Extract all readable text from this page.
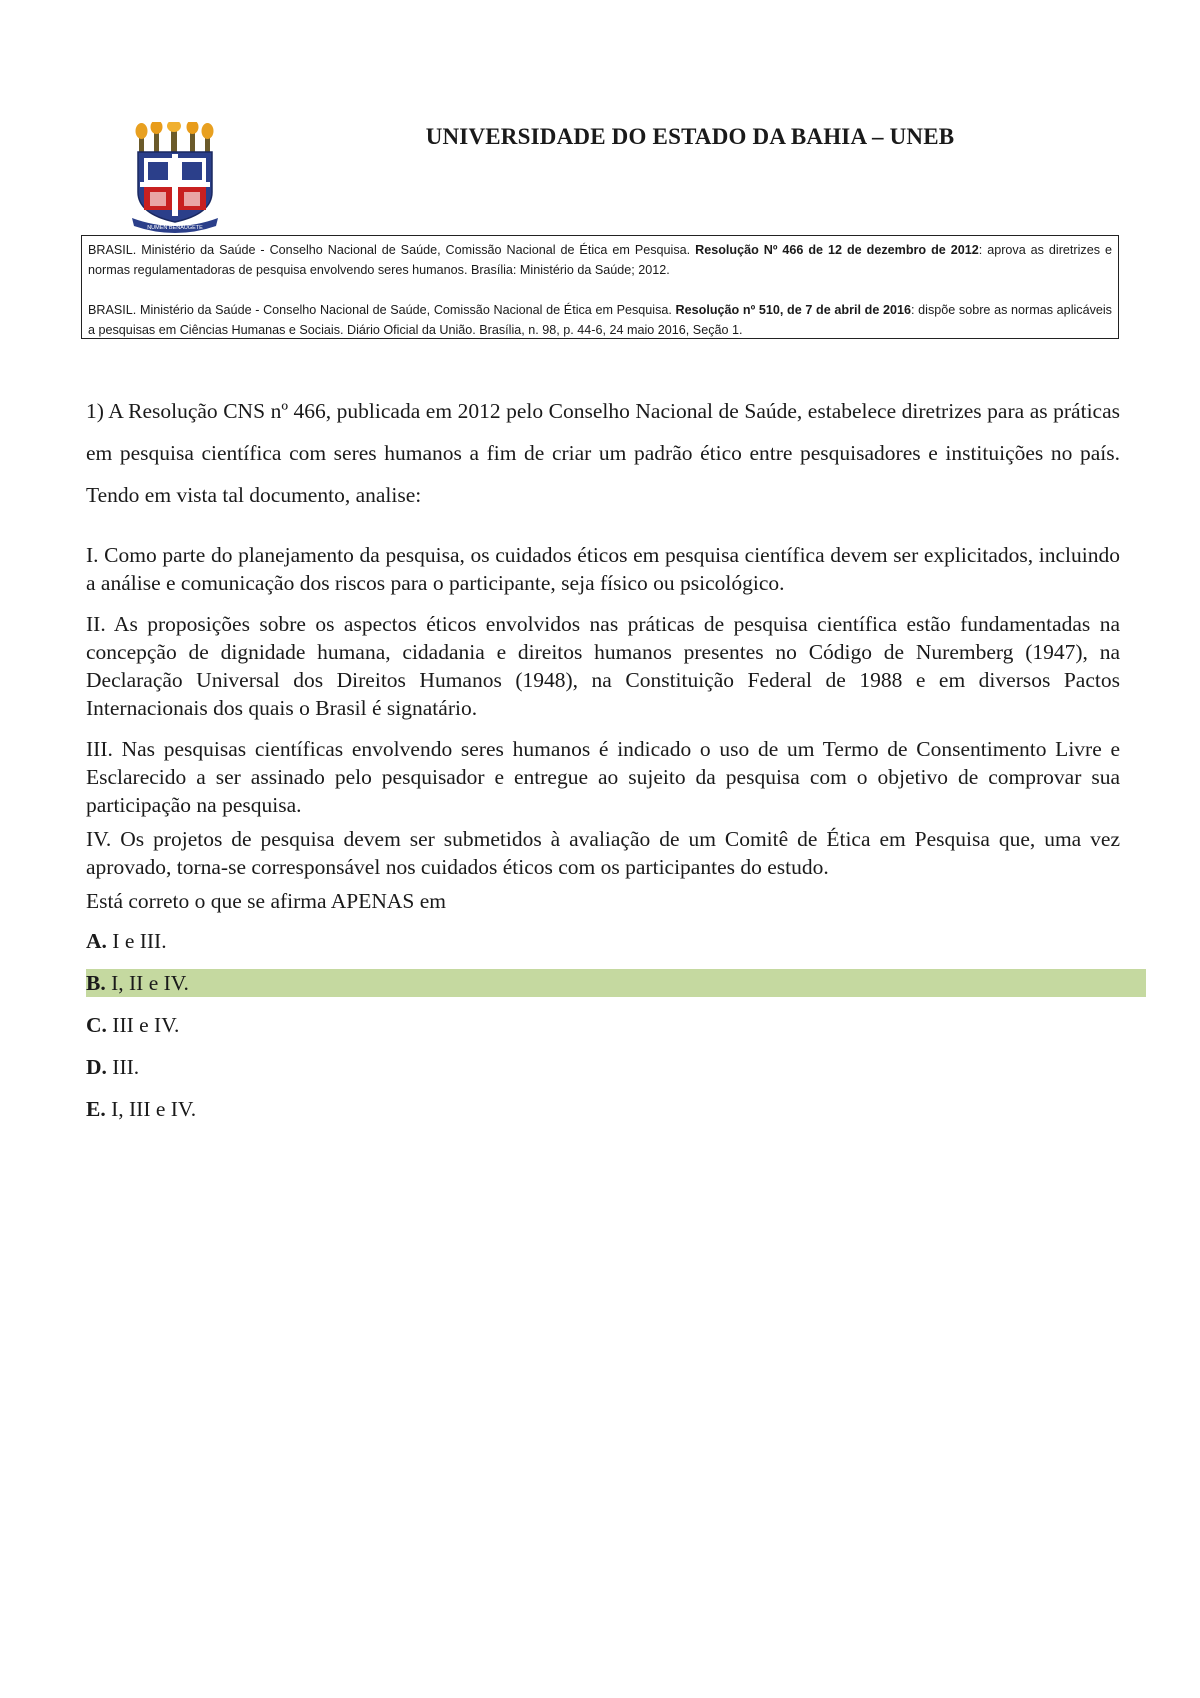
NUMEN BENAUGETE
UNIVERSIDADE DO ESTADO DA BAHIA – UNEB

BRASIL. Ministério da Saúde - Conselho Nacional de Saúde, Comissão Nacional de Ética em Pesquisa. Resolução Nº 466 de 12 de dezembro de 2012: aprova as diretrizes e normas regulamentadoras de pesquisa envolvendo seres humanos. Brasília: Ministério da Saúde; 2012.

BRASIL. Ministério da Saúde - Conselho Nacional de Saúde, Comissão Nacional de Ética em Pesquisa. Resolução nº 510, de 7 de abril de 2016: dispõe sobre as normas aplicáveis a pesquisas em Ciências Humanas e Sociais. Diário Oficial da União. Brasília, n. 98, p. 44-6, 24 maio 2016, Seção 1.

1) A Resolução CNS nº 466, publicada em 2012 pelo Conselho Nacional de Saúde, estabelece diretrizes para as práticas em pesquisa científica com seres humanos a fim de criar um padrão ético entre pesquisadores e instituições no país. Tendo em vista tal documento, analise:

I. Como parte do planejamento da pesquisa, os cuidados éticos em pesquisa científica devem ser explicitados, incluindo a análise e comunicação dos riscos para o participante, seja físico ou psicológico.

II. As proposições sobre os aspectos éticos envolvidos nas práticas de pesquisa científica estão fundamentadas na concepção de dignidade humana, cidadania e direitos humanos presentes no Código de Nuremberg (1947), na Declaração Universal dos Direitos Humanos (1948), na Constituição Federal de 1988 e em diversos Pactos Internacionais dos quais o Brasil é signatário.

III. Nas pesquisas científicas envolvendo seres humanos é indicado o uso de um Termo de Consentimento Livre e Esclarecido a ser assinado pelo pesquisador e entregue ao sujeito da pesquisa com o objetivo de comprovar sua participação na pesquisa.

IV. Os projetos de pesquisa devem ser submetidos à avaliação de um Comitê de Ética em Pesquisa que, uma vez aprovado, torna-se corresponsável nos cuidados éticos com os participantes do estudo.

Está correto o que se afirma APENAS em

A. I e III.
B. I, II e IV.
C. III e IV.
D. III.
E. I, III e IV.
